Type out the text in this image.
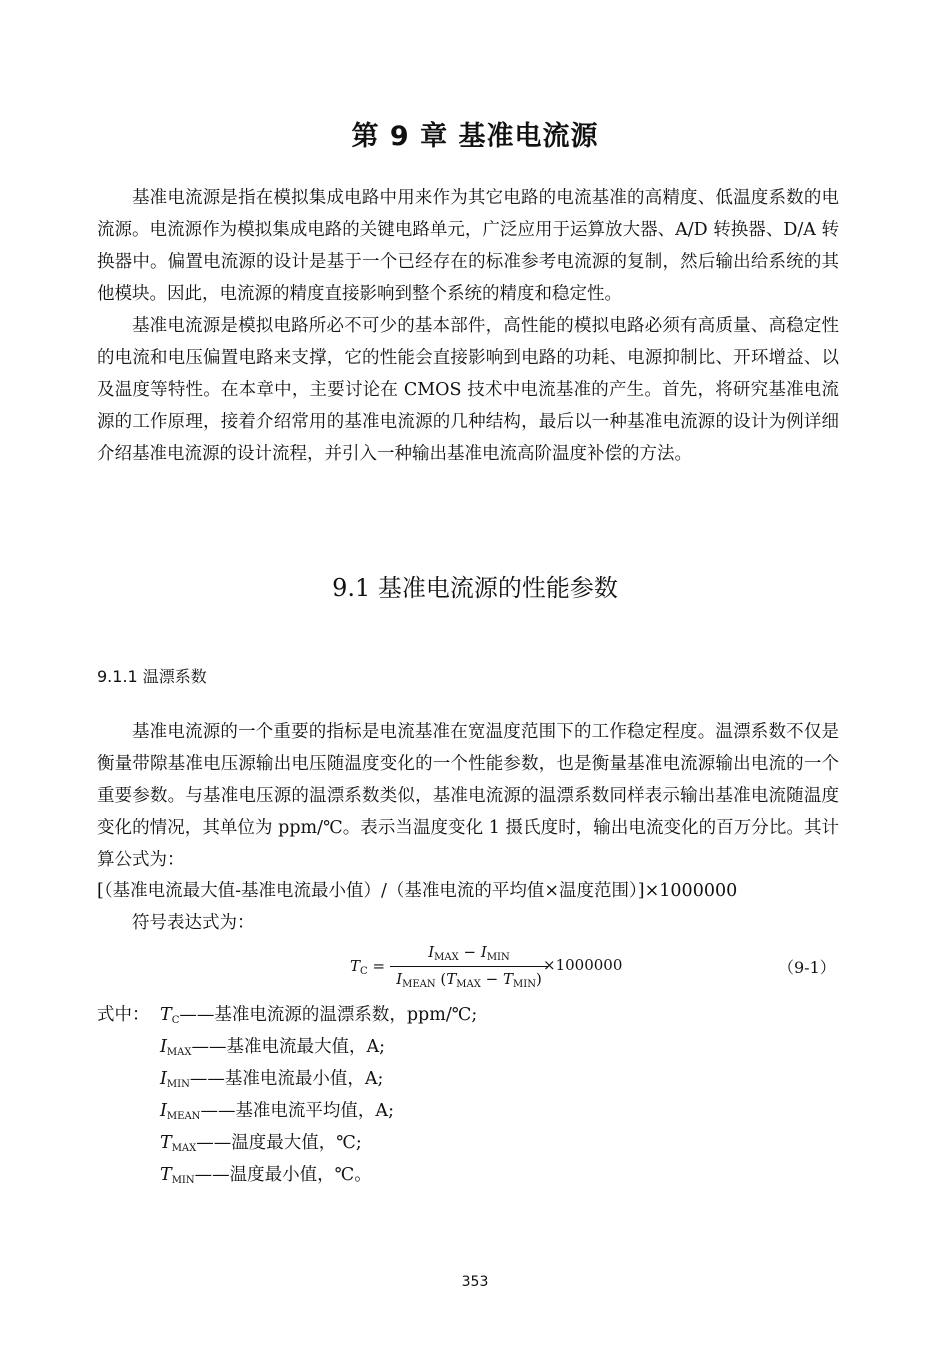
第 9 章 基准电流源

基准电流源是指在模拟集成电路中用来作为其它电路的电流基准的高精度、低温度系数的电流源。电流源作为模拟集成电路的关键电路单元，广泛应用于运算放大器、A/D 转换器、D/A 转换器中。偏置电流源的设计是基于一个已经存在的标准参考电流源的复制，然后输出给系统的其他模块。因此，电流源的精度直接影响到整个系统的精度和稳定性。

基准电流源是模拟电路所必不可少的基本部件，高性能的模拟电路必须有高质量、高稳定性的电流和电压偏置电路来支撑，它的性能会直接影响到电路的功耗、电源抑制比、开环增益、以及温度等特性。在本章中，主要讨论在 CMOS 技术中电流基准的产生。首先，将研究基准电流源的工作原理，接着介绍常用的基准电流源的几种结构，最后以一种基准电流源的设计为例详细介绍基准电流源的设计流程，并引入一种输出基准电流高阶温度补偿的方法。

9.1 基准电流源的性能参数
9.1.1 温漂系数

基准电流源的一个重要的指标是电流基准在宽温度范围下的工作稳定程度。温漂系数不仅是衡量带隙基准电压源输出电压随温度变化的一个性能参数，也是衡量基准电流源输出电流的一个重要参数。与基准电压源的温漂系数类似，基准电流源的温漂系数同样表示输出基准电流随温度变化的情况，其单位为 ppm/℃。表示当温度变化 1 摄氏度时，输出电流变化的百万分比。其计算公式为：

[（基准电流最大值-基准电流最小值）/（基准电流的平均值×温度范围）]×1000000
符号表达式为：
$T_C$ =
$I_{MAX} - I_{MIN}$
$I_{MEAN}$ $(T_{MAX} - T_{MIN})$
×1000000	（9-1）
式中： $T_C——$基准电流源的温漂系数，ppm/℃;
$I_{MAX}——$基准电流最大值，A;
$I_{MIN}——$基准电流最小值，A;
$I_{MEAN}——$基准电流平均值，A;
$T_{MAX}——$温度最大值，℃;
$T_{MIN}——$温度最小值，℃。
353
